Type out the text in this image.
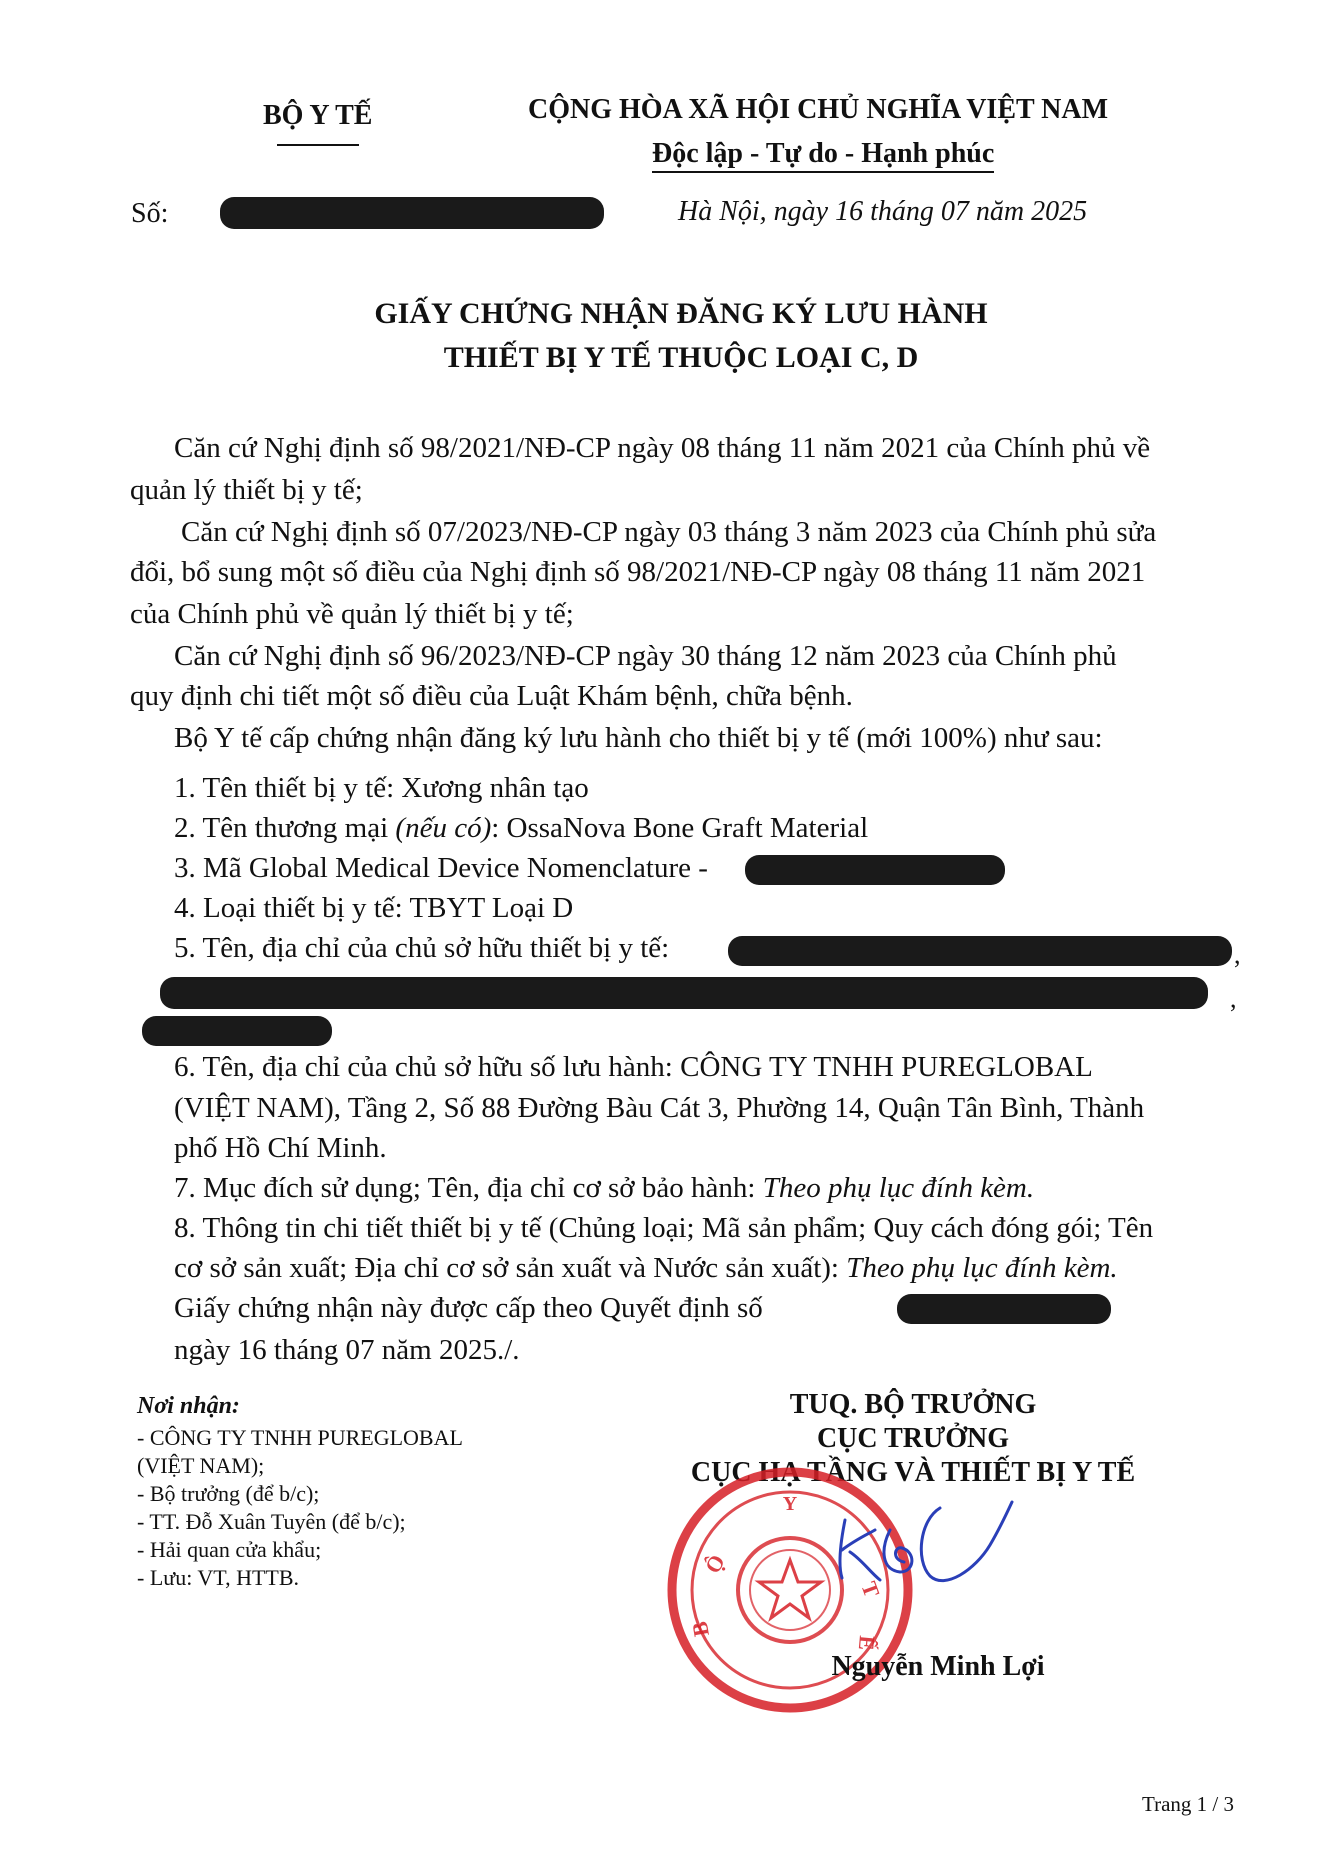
BỘ Y TẾ	CỘNG HÒA XÃ HỘI CHỦ NGHĨA VIỆT NAM
Độc lập - Tự do - Hạnh phúc
Số:	Hà Nội, ngày 16 tháng 07 năm 2025
GIẤY CHỨNG NHẬN ĐĂNG KÝ LƯU HÀNH
THIẾT BỊ Y TẾ THUỘC LOẠI C, D
Căn cứ Nghị định số 98/2021/NĐ-CP ngày 08 tháng 11 năm 2021 của Chính phủ về
quản lý thiết bị y tế;
Căn cứ Nghị định số 07/2023/NĐ-CP ngày 03 tháng 3 năm 2023 của Chính phủ sửa
đổi, bổ sung một số điều của Nghị định số 98/2021/NĐ-CP ngày 08 tháng 11 năm 2021
của Chính phủ về quản lý thiết bị y tế;
Căn cứ Nghị định số 96/2023/NĐ-CP ngày 30 tháng 12 năm 2023 của Chính phủ
quy định chi tiết một số điều của Luật Khám bệnh, chữa bệnh.
Bộ Y tế cấp chứng nhận đăng ký lưu hành cho thiết bị y tế (mới 100%) như sau:
1. Tên thiết bị y tế: Xương nhân tạo
2. Tên thương mại (nếu có): OssaNova Bone Graft Material
3. Mã Global Medical Device Nomenclature -
4. Loại thiết bị y tế: TBYT Loại D
5. Tên, địa chỉ của chủ sở hữu thiết bị y tế:	,
,
6. Tên, địa chỉ của chủ sở hữu số lưu hành: CÔNG TY TNHH PUREGLOBAL
(VIỆT NAM), Tầng 2, Số 88 Đường Bàu Cát 3, Phường 14, Quận Tân Bình, Thành
phố Hồ Chí Minh.
7. Mục đích sử dụng; Tên, địa chỉ cơ sở bảo hành: Theo phụ lục đính kèm.
8. Thông tin chi tiết thiết bị y tế (Chủng loại; Mã sản phẩm; Quy cách đóng gói; Tên
cơ sở sản xuất; Địa chỉ cơ sở sản xuất và Nước sản xuất): Theo phụ lục đính kèm.
Giấy chứng nhận này được cấp theo Quyết định số
ngày 16 tháng 07 năm 2025./.
Nơi nhận:
- CÔNG TY TNHH PUREGLOBAL
(VIỆT NAM);
- Bộ trưởng (để b/c);
- TT. Đỗ Xuân Tuyên (để b/c);
- Hải quan cửa khẩu;
- Lưu: VT, HTTB.
TUQ. BỘ TRƯỞNG
CỤC TRƯỞNG
CỤC HẠ TẦNG VÀ THIẾT BỊ Y TẾ
Ộ
B
Ế
T
Y
Nguyễn Minh Lợi
Trang 1 / 3
